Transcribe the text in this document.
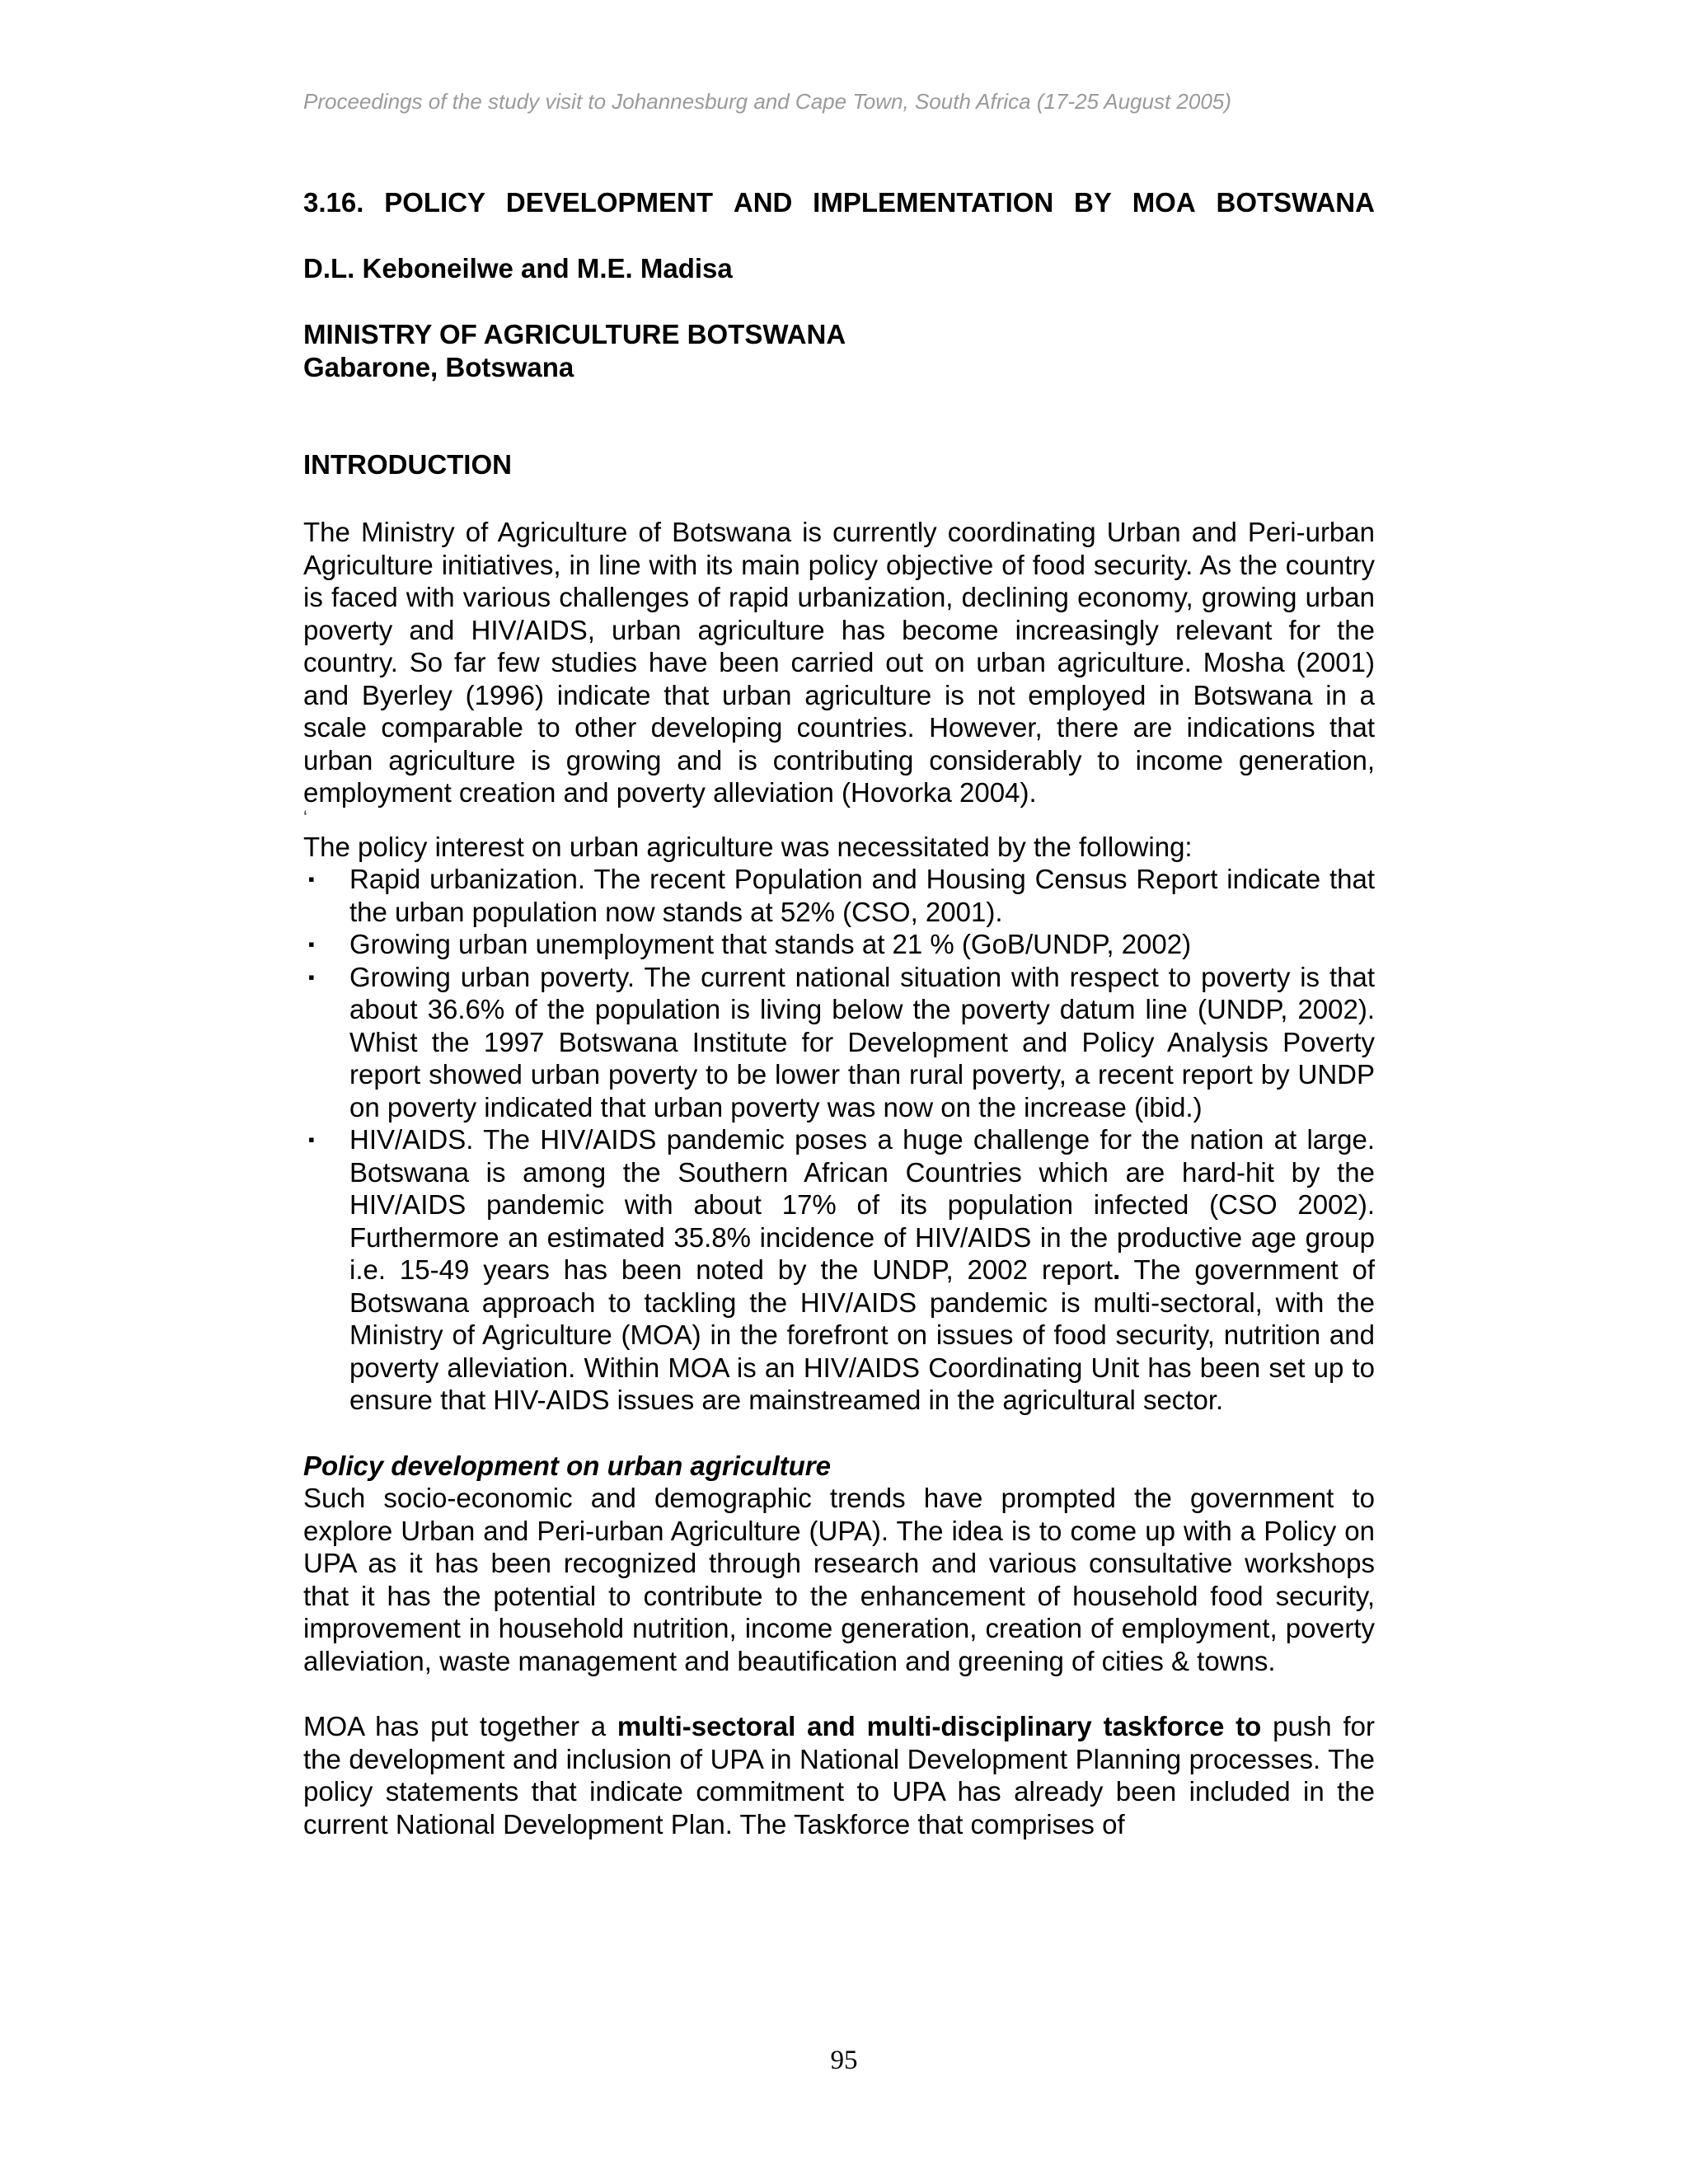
Proceedings of the study visit to Johannesburg and Cape Town, South Africa (17-25 August 2005)
3.16. POLICY DEVELOPMENT AND IMPLEMENTATION BY MOA BOTSWANA
D.L. Keboneilwe and M.E. Madisa
MINISTRY OF AGRICULTURE BOTSWANA
Gabarone, Botswana
INTRODUCTION

The Ministry of Agriculture of Botswana is currently coordinating Urban and Peri-urban Agriculture initiatives, in line with its main policy objective of food security. As the country is faced with various challenges of rapid urbanization, declining economy, growing urban poverty and HIV/AIDS, urban agriculture has become increasingly relevant for the country. So far few studies have been carried out on urban agriculture. Mosha (2001) and Byerley (1996) indicate that urban agriculture is not employed in Botswana in a scale comparable to other developing countries. However, there are indications that urban agriculture is growing and is contributing considerably to income generation, employment creation and poverty alleviation (Hovorka 2004).

‘
The policy interest on urban agriculture was necessitated by the following:
▪ Rapid urbanization. The recent Population and Housing Census Report indicate that the urban population now stands at 52% (CSO, 2001).
▪ Growing urban unemployment that stands at 21 % (GoB/UNDP, 2002)
▪ Growing urban poverty. The current national situation with respect to poverty is that about 36.6% of the population is living below the poverty datum line (UNDP, 2002). Whist the 1997 Botswana Institute for Development and Policy Analysis Poverty report showed urban poverty to be lower than rural poverty, a recent report by UNDP on poverty indicated that urban poverty was now on the increase (ibid.)
▪ HIV/AIDS. The HIV/AIDS pandemic poses a huge challenge for the nation at large. Botswana is among the Southern African Countries which are hard-hit by the HIV/AIDS pandemic with about 17% of its population infected (CSO 2002). Furthermore an estimated 35.8% incidence of HIV/AIDS in the productive age group i.e. 15-49 years has been noted by the UNDP, 2002 report. The government of Botswana approach to tackling the HIV/AIDS pandemic is multi-sectoral, with the Ministry of Agriculture (MOA) in the forefront on issues of food security, nutrition and poverty alleviation. Within MOA is an HIV/AIDS Coordinating Unit has been set up to ensure that HIV-AIDS issues are mainstreamed in the agricultural sector.
Policy development on urban agriculture

Such socio-economic and demographic trends have prompted the government to explore Urban and Peri-urban Agriculture (UPA). The idea is to come up with a Policy on UPA as it has been recognized through research and various consultative workshops that it has the potential to contribute to the enhancement of household food security, improvement in household nutrition, income generation, creation of employment, poverty alleviation, waste management and beautification and greening of cities & towns.

MOA has put together a multi-sectoral and multi-disciplinary taskforce to push for the development and inclusion of UPA in National Development Planning processes. The policy statements that indicate commitment to UPA has already been included in the current National Development Plan. The Taskforce that comprises of

95
